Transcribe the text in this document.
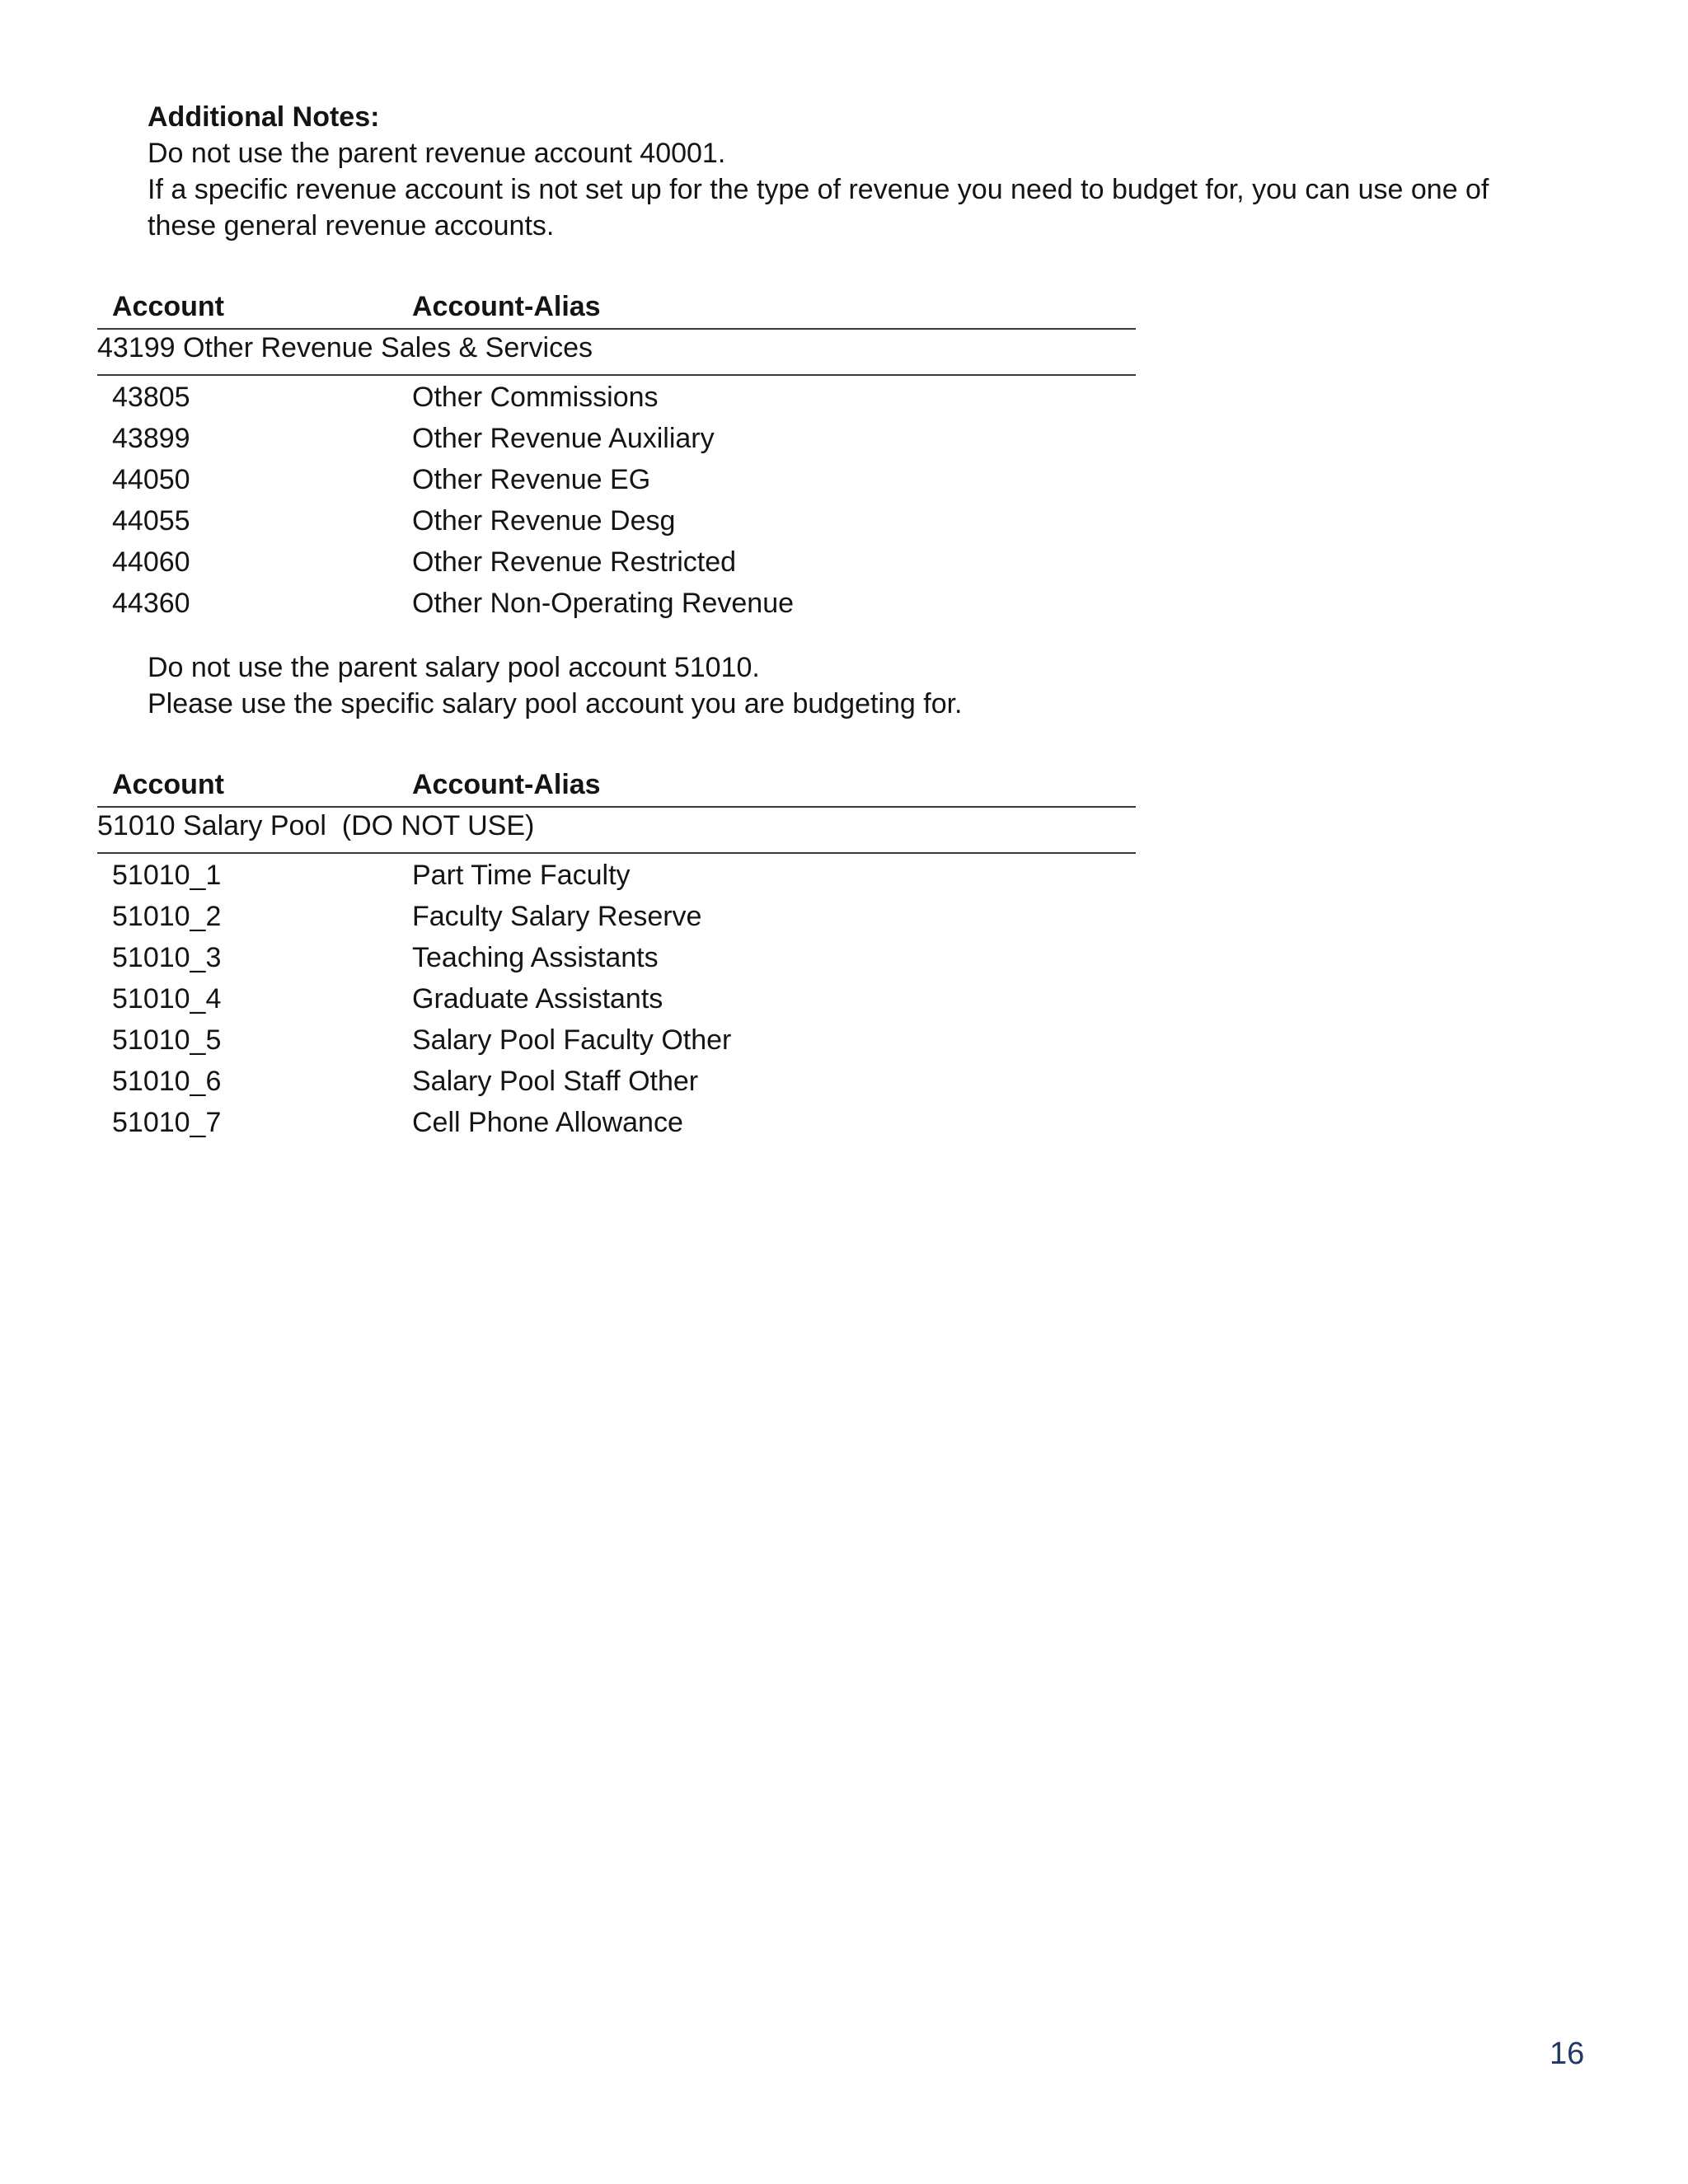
Additional Notes:

Do not use the parent revenue account 40001.

If a specific revenue account is not set up for the type of revenue you need to budget for, you can use one of these general revenue accounts.

Account	Account-Alias
43199 Other Revenue Sales & Services
43805	Other Commissions
43899	Other Revenue Auxiliary
44050	Other Revenue EG
44055	Other Revenue Desg
44060	Other Revenue Restricted
44360	Other Non-Operating Revenue

Do not use the parent salary pool account 51010.

Please use the specific salary pool account you are budgeting for.

Account	Account-Alias
51010 Salary Pool  (DO NOT USE)
51010_1	Part Time Faculty
51010_2	Faculty Salary Reserve
51010_3	Teaching Assistants
51010_4	Graduate Assistants
51010_5	Salary Pool Faculty Other
51010_6	Salary Pool Staff Other
51010_7	Cell Phone Allowance
16
